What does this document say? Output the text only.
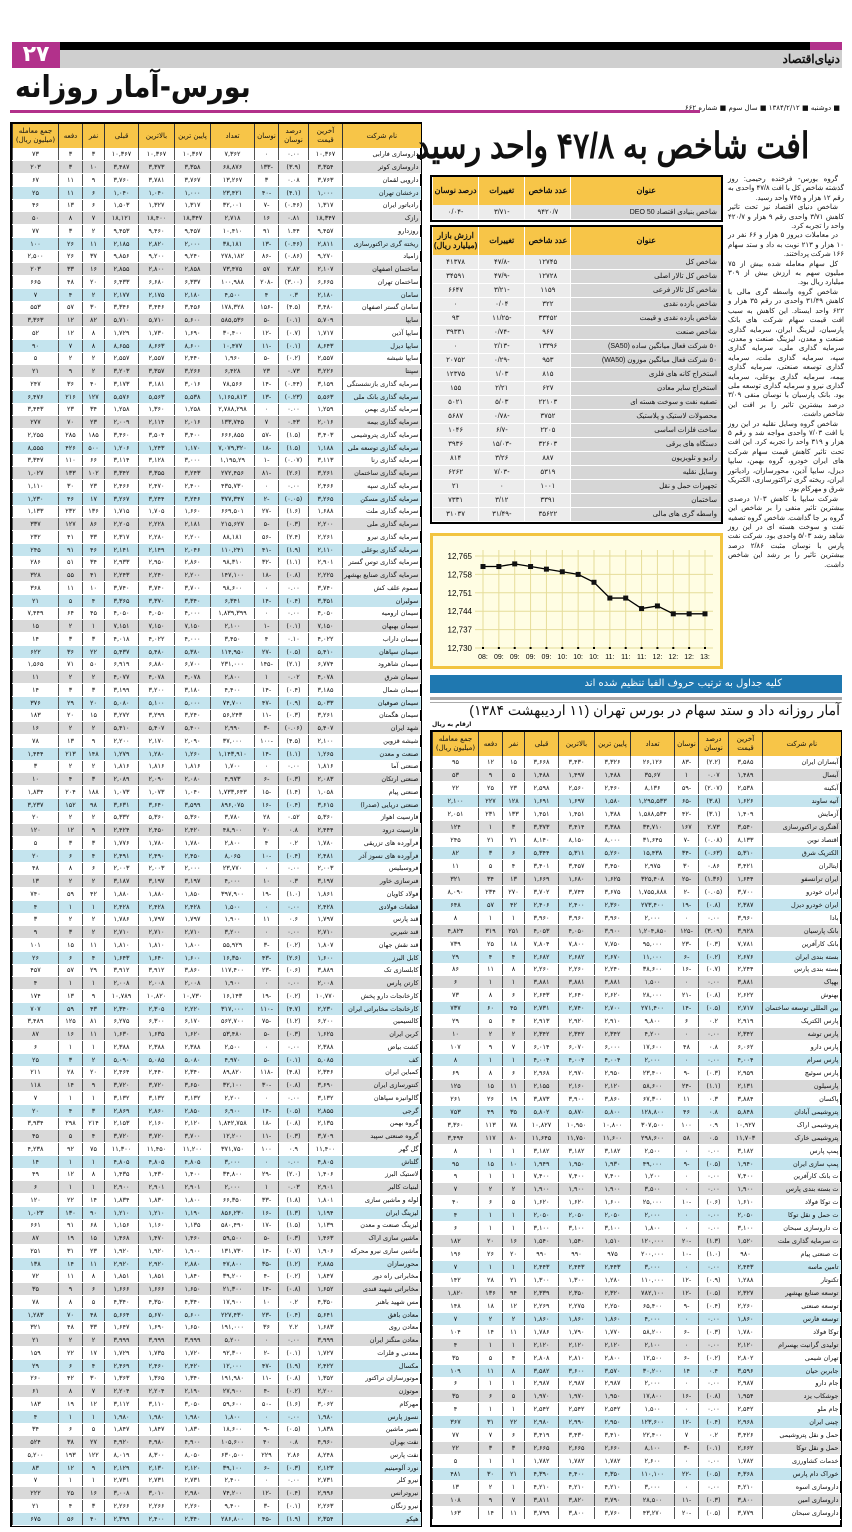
۲۷	دنیای‌اقتصاد
بورس-آمار روزانه
■ دوشنبه ■ ۱۳۸۴/۲/۱۲ ■ سال سوم ■ شماره ۶۶۲
نام شرکت	آخرین قیمت	درصد نوسان	نوسان	تعداد	پایین ترین	بالاترین	قبلی	نفر	دفعه	جمع معامله (میلیون ریال)
داروسازی فارابی	۱۰,۳۶۷	۰.۰۰	۰	۷,۳۶۲	۱۰,۳۶۷	۱۰,۳۶۷	۱۰,۳۶۷	۳	۳	۷۳
داروسازی کوثر	۳,۳۵۴	(۳.۹)	-۱۳۳	۶۸,۸۷۶	۳,۳۵۸	۳,۳۷۳	۳,۴۸۷	۱۰	۳	۲۰۳
دارویی لقمان	۳,۷۶۳	۰.۰۸	۳	۱۳,۲۶۷	۳,۷۶۷	۳,۷۸۱	۳,۷۶۰	۹	۱۱	۶۷
درخشان تهران	۱,۰۰۰	(۴.۱)	-۴۰	۲۳,۴۲۱	۱,۰۰۰	۱,۰۴۰	۱,۰۴۰	۶	۱۱	۲۵
رادیاتور ایران	۱,۳۱۷	(۰.۴۶)	-۷	۳۲,۰۰۱	۱,۳۱۷	۱,۳۲۷	۱,۵۰۳	۶	۱۳	۴۶
رازک	۱۸,۳۴۷	۰.۸۱	۱۶	۲,۷۱۸	۱۸,۳۴۷	۱۸,۴۰۰	۱۸,۱۲۱	۷	۸	۵۰
روزدارو	۹,۴۵۷	۱.۴۴	۹۱	۱۰,۴۱۰	۹,۴۵۷	۹,۴۶۰	۹,۴۵۳	۲	۳	۷۷
ریخته گری تراکتورسازی	۲,۸۱۱	(۰.۴۶)	-۱۳	۳۸,۱۸۱	۲,۰۰۰	۲,۸۲۰	۲,۱۸۵	۱۱	۲۶	۱۰۰
زامیاد	۹,۲۷۰	(۰.۸۶)	-۸۶	۲۷۸,۱۸۲	۹,۲۴۰	۹,۲۰۰	۹,۸۵۶	۳۷	۲۶	۲,۵۰۰
ساختمان اصفهان	۲,۱۰۷	۲.۸۲	۵۷	۷۳,۴۷۵	۲,۸۵۸	۲,۸۰۰	۲,۸۵۵	۱۶	۳۳	۲۰۳
ساختمان تهران	۶,۶۶۵	(۳.۰۰)	-۲۰۸	۱۰۰,۹۸۸	۶,۳۳۷	۶,۶۸۰	۶,۴۳۳	۲۰	۴۸	۶۶۵
سامان	۲,۱۸۰	۰.۳	۴	۴,۵۰۰	۲,۱۸۰	۲,۱۷۵	۲,۱۷۷	۲	۴	۷
سامان گستر اصفهان	۳,۴۸۰	(۴.۵)	-۱۵۶	۱۷۸,۳۲۸	۳,۴۵۶	۳,۴۴۶	۳,۳۴۶	۳۰	۵۷	۵۵۳
سایپا	۵,۷۰۹	(۰.۱)	-۵	۵۸۵,۵۳۶	۵,۶۰۰	۵,۷۱۰	۵,۷۱۰	۸۲	۱۲	۳,۳۶۳
سایپا آذین	۱,۷۱۷	(۰.۷)	-۱۲	۳۰,۴۰۰	۱,۶۹۰	۱,۷۳۰	۱,۷۲۹	۸	۱۲	۵۲
سایپا دیزل	۸,۶۴۳	(۰.۱)	-۱۱	۱۰,۴۷۷	۸,۶۰۰	۸,۶۶۳	۸,۶۵۵	۸	۷	۹۰
سایپا شیشه	۲,۵۵۷	(۰.۲)	-۵	۱,۹۶۰	۲,۴۴۰	۲,۵۵۷	۲,۵۵۷	۲	۲	۵
سپنتا	۳,۲۲۶	۰.۷۳	۲۳	۶,۴۲۸	۳,۲۶۶	۳,۳۵۷	۳,۲۰۳	۲	۹	۲۱
سرمایه گذاری بازنشستگی	۳,۱۵۹	(۰.۴۴)	-۱۴	۷۸,۵۶۶	۳,۰۱۶	۳,۱۸۱	۳,۱۷۳	۴۰	۳۶	۲۴۷
سرمایه گذاری بانک ملی	۵,۵۶۳	(۰.۲۳)	-۱۳	۱,۱۶۵,۸۱۳	۵,۵۳۸	۵,۵۶۳	۵,۵۷۶	۱۲۷	۲۱۶	۶,۴۷۶
سرمایه گذاری بهمن	۱,۲۵۹	۰.۰۰	۰	۲,۷۸۸,۲۹۸	۱,۲۵۸	۱,۳۶۰	۱,۲۵۸	۳۴	۲۳	۳,۴۴۳
سرمایه گذاری بیمه	۲,۰۱۶	۰.۴۳	۷	۱۳۳,۷۴۵	۲,۰۱۶	۲,۱۱۴	۲,۰۰۹	۲۳	۷۰	۲۷۷
سرمایه گذاری پتروشیمی	۳,۴۰۳	(۱.۵)	-۵۷	۶۶۶,۸۵۵	۳,۴۰۰	۳,۵۰۴	۳,۴۶۰	۱۸۵	۲۸۵	۲,۲۵۵
سرمایه گذاری توسعه ملی	۱,۱۸۸	(۱.۵)	-۱۸	۷,۰۷۹,۳۲۰	۱,۱۷۰	۱,۲۴۳	۱,۲۰۶	۵۰۰	۴۲۶	۸,۵۵۵
سرمایه گذاری رنا	۳,۱۱۳	(۰.۰۷)	-۱	۱,۱۹۵,۲۹	۳,۰۰۰	۳,۱۲۸	۳,۱۱۴	۶۶	۱۱۰	۳,۳۴۷
سرمایه گذاری ساختمان	۳,۲۶۱	(۲.۶)	-۸۱	۲۷۲,۴۵۶	۳,۲۴۳	۳,۳۵۵	۳,۳۴۲	۱۰۲	۱۳۳	۱,۰۲۷
سرمایه گذاری سپه	۲,۴۶۶	۰.۰۰	۰	۴۳۵,۷۳۰	۲,۴۰۰	۲,۴۷۰	۲,۴۶۶	۲۳	۳۰	۱,۱۱۰
سرمایه گذاری مسکن	۳,۲۶۵	(۰.۰۵)	-۲	۳۷۷,۳۴۷	۳,۲۴۶	۳,۲۴۴	۳,۲۶۷	۱۷	۴۶	۱,۲۳۰
سرمایه گذاری ملت	۱,۶۸۸	(۱.۶)	-۲۷	۶۶۹,۵۰۱	۱,۶۶۰	۱,۷۰۵	۱,۷۱۵	۱۳۶	۲۳۲	۱,۱۳۳
سرمایه گذاری ملی	۲,۲۰۰	(۰.۳)	-۵	۲۱۵,۶۲۷	۲,۱۸۱	۲,۲۲۸	۲,۲۰۵	۸۶	۱۲۷	۳۳۷
سرمایه گذاری نیرو	۲,۲۶۱	(۲.۴)	-۵۶	۸۸,۱۸۱	۲,۲۰۰	۲,۲۸۰	۲,۳۱۷	۳۳	۴۱	۲۳۲
سرمایه گذاری بوعلی	۲,۱۱۰	(۱.۹)	-۴۱	۱۱۰,۲۴۱	۲,۰۴۶	۲,۱۴۹	۲,۱۴۱	۴۶	۹۱	۲۴۵
سرمایه گذاری توس گستر	۲,۹۰۱	(۱.۱)	-۳۲	۹۸,۳۱۰	۲,۸۶۰	۲,۹۵۰	۲,۹۳۳	۳۴	۵۱	۲۸۶
سرمایه گذاری صنایع بهشهر	۲,۲۲۵	(۰.۸)	-۱۸	۱۴۷,۱۰۰	۲,۲۰۰	۲,۲۴۰	۲,۲۴۳	۴۱	۵۵	۳۲۸
سموم علف کش	۳,۷۴۰	۰.۰۰	۰	۹۸,۶۰۰	۳,۷۰۰	۳,۷۴۰	۳,۷۴۰	۱۰	۱۱	۳۶۸
سولیران	۳,۳۵۱	(۰.۴)	-۱۴	۶,۳۴۱	۳,۳۴۰	۳,۳۷۰	۳,۳۶۵	۴	۵	۲۱
سیمان ارومیه	۴,۰۵۰	۰.۰۰	۰	۱,۸۳۹,۳۹۹	۴,۰۰۰	۴,۰۵۰	۴,۰۵۰	۴۵	۶۴	۷,۴۴۹
سیمان بهبهان	۷,۱۵۰	(۰.۱)	-۱	۲,۱۰۰	۷,۱۵۰	۷,۱۵۰	۷,۱۵۱	۱	۲	۱۵
سیمان داراب	۴,۰۲۲	۰.۱۰	۴	۳,۴۵۰	۴,۰۰۰	۴,۰۲۲	۴,۰۱۸	۳	۳	۱۴
سیمان سپاهان	۵,۴۱۰	(۰.۵)	-۲۷	۱۱۴,۹۵۰	۵,۳۸۰	۵,۴۸۰	۵,۴۳۷	۲۲	۳۶	۶۲۲
سیمان شاهرود	۶,۷۷۴	(۲.۱)	-۱۴۵	۲۳۱,۰۰۰	۶,۷۰۰	۶,۸۸۰	۶,۹۱۹	۵۰	۷۱	۱,۵۶۵
سیمان شرق	۴,۰۷۸	۰.۰۲	۱	۲,۸۰۰	۴,۰۷۸	۴,۰۷۸	۴,۰۷۷	۲	۲	۱۱
سیمان شمال	۳,۱۸۵	(۰.۴)	-۱۴	۴,۴۰۰	۳,۱۸۰	۳,۲۰۰	۳,۱۹۹	۳	۳	۱۴
سیمان صوفیان	۵,۰۳۳	(۰.۹)	-۴۷	۷۴,۷۰۰	۵,۰۰۰	۵,۱۰۰	۵,۰۸۰	۲۰	۲۹	۳۷۶
سیمان هگمتان	۳,۲۶۱	(۰.۳)	-۱۱	۵۶,۲۴۳	۳,۲۴۰	۳,۲۹۹	۳,۲۷۲	۱۵	۲۰	۱۸۳
شهد ایران	۵,۴۰۷	(۰.۰۶)	-۳	۲,۹۹۰	۵,۴۰۰	۵,۴۰۷	۵,۴۱۰	۲	۲	۱۶
شیشه قزوین	۲,۱۰۰	(۴.۵)	-۱۰۰	۳۷,۰۰۰	۲,۰۹۰	۲,۱۷۰	۲,۲۰۰	۹	۱۳	۷۸
صنعت و معدن	۱,۲۶۵	(۱.۱)	-۱۴	۱,۱۴۳,۹۱۰	۱,۲۶۰	۱,۲۸۰	۱,۲۷۹	۱۴۸	۲۱۳	۱,۴۴۴
صنعتی آما	۱,۸۱۶	۰.۰۰	۰	۱,۷۰۰	۱,۸۱۶	۱,۸۱۶	۱,۸۱۶	۲	۲	۳
صنعتی ارتکان	۲,۰۸۳	(۰.۳)	-۶	۴,۹۷۳	۲,۰۸۰	۲,۰۹۰	۲,۰۸۹	۳	۴	۱۰
صنعتی پیام	۱,۰۵۸	(۱.۴)	-۱۵	۱,۷۳۳,۶۴۳	۱,۰۴۰	۱,۰۷۳	۱,۰۷۳	۱۸۸	۲۰۴	۱,۸۳۴
صنعتی دریایی (صدرا)	۳,۶۱۵	(۰.۴)	-۱۶	۸۹۶,۰۷۵	۳,۵۹۹	۳,۶۴۰	۳,۶۳۱	۹۸	۱۵۲	۳,۲۳۷
فارسیت اهواز	۵,۳۶۰	۰.۵۲	۲۸	۳,۷۸۰	۵,۳۶۰	۵,۳۶۰	۵,۳۳۲	۲	۲	۲۰
فارسیت درود	۲,۴۴۴	۰.۸	۲۰	۴۸,۹۰۰	۲,۴۲۰	۲,۴۵۰	۲,۴۲۴	۹	۱۲	۱۲۰
فرآورده های تزریقی	۱,۷۸۰	۰.۲	۴	۲,۸۰۰	۱,۷۸۰	۱,۷۸۰	۱,۷۷۶	۳	۳	۵
فرآورده های نسوز آذر	۲,۴۸۱	(۰.۴)	-۱۰	۸,۰۶۵	۲,۴۵۰	۲,۴۹۰	۲,۴۹۱	۴	۶	۲۰
فروسیلیس	۲,۰۰۳	۰.۰۰	۰	۲۳,۷۷۰	۲,۰۰۰	۲,۰۰۳	۲,۰۰۳	۶	۸	۴۸
فنرسازی خاور	۳,۱۹۷	۰.۳	۱۰	۴,۰۰۰	۳,۱۹۷	۳,۱۹۷	۳,۱۸۷	۲	۲	۱۳
فولاد کاویان	۱,۸۶۱	(۱.۰)	-۱۹	۳۹۷,۹۰۰	۱,۸۵۰	۱,۸۸۰	۱,۸۸۰	۴۲	۵۹	۷۴۰
قطعات فولادی	۲,۴۲۸	۰.۰۰	۰	۱,۵۰۰	۲,۴۲۸	۲,۴۲۸	۲,۴۲۸	۱	۱	۴
قند پارس	۱,۷۹۷	۰.۶	۱۱	۱,۹۰۰	۱,۷۹۷	۱,۷۹۷	۱,۷۸۶	۲	۲	۳
قند شیرین	۲,۷۱۰	۰.۰۰	۰	۳,۲۰۰	۲,۷۱۰	۲,۷۱۰	۲,۷۱۰	۲	۳	۹
قند نقش جهان	۱,۸۰۷	(۰.۲)	-۳	۵۵,۹۲۹	۱,۸۰۰	۱,۸۱۰	۱,۸۱۰	۱۱	۱۵	۱۰۱
کابل البرز	۱,۶۰۰	(۲.۶)	-۴۳	۱۶,۳۵۰	۱,۶۰۰	۱,۶۴۰	۱,۶۴۳	۴	۶	۲۶
کابلسازی تک	۳,۸۸۹	(۰.۶)	-۲۳	۱۱۷,۴۰۰	۳,۸۶۰	۳,۹۱۲	۳,۹۱۲	۲۹	۵۷	۴۵۷
کارتن پارس	۲,۰۰۸	۰.۰۰	۰	۱,۹۰۰	۲,۰۰۸	۲,۰۰۸	۲,۰۰۸	۱	۱	۴
کارخانجات دارو پخش	۱۰,۷۷۰	(۰.۲)	-۱۹	۱۶,۱۴۳	۱۰,۷۳۰	۱۰,۸۲۰	۱۰,۷۸۹	۹	۱۳	۱۷۴
کارخانجات مخابراتی ایران	۲,۲۳۰	(۴.۷)	-۱۱۰	۳۱۷,۰۰۰	۲,۲۲۰	۲,۳۰۵	۲,۳۴۰	۴۳	۵۹	۷۰۷
کالسیمین	۶,۲۰۰	(۱.۲)	-۷۵	۵۶۲,۷۰۰	۶,۱۷۰	۶,۳۰۰	۶,۲۷۵	۸۱	۱۲۵	۳,۴۸۹
کربن ایران	۱,۶۲۵	(۰.۳)	-۵	۵۳,۴۸۰	۱,۶۲۰	۱,۶۳۵	۱,۶۳۰	۱۱	۱۶	۸۷
کشت بیاض	۲,۳۸۸	۰.۰۰	۰	۲,۵۰۰	۲,۳۸۸	۲,۳۸۸	۲,۳۸۸	۱	۱	۶
کف	۵,۰۸۵	(۰.۱)	-۵	۴,۹۷۰	۵,۰۸۰	۵,۰۸۵	۵,۰۹۰	۲	۳	۲۵
کمباین ایران	۲,۳۴۶	(۴.۸)	-۱۱۸	۸۹,۸۲۰	۲,۳۴۰	۲,۴۴۰	۲,۴۶۴	۲۰	۲۸	۲۱۱
کنتورسازی ایران	۳,۶۹۰	(۰.۸)	-۳۰	۳۲,۱۰۰	۳,۶۵۰	۳,۷۲۰	۳,۷۲۰	۹	۱۴	۱۱۸
گالوانیزه سپاهان	۳,۱۳۲	۰.۰۰	۰	۲,۲۰۰	۳,۱۳۲	۳,۱۳۲	۳,۱۳۲	۱	۱	۷
گرجی	۲,۸۵۵	(۰.۵)	-۱۴	۶,۹۰۰	۲,۸۵۰	۲,۸۶۰	۲,۸۶۹	۳	۴	۲۰
گروه بهمن	۲,۱۳۵	(۰.۸)	-۱۸	۱,۸۴۲,۷۵۸	۲,۱۲۰	۲,۱۶۰	۲,۱۵۳	۲۱۴	۲۹۸	۳,۹۳۴
گروه صنعتی سپید	۳,۷۰۹	(۰.۳)	-۱۱	۱۲,۲۰۰	۳,۷۰۰	۳,۷۲۰	۳,۷۲۰	۴	۵	۴۵
گل گهر	۱۱,۴۰۰	۰.۹	۱۰۰	۳۷۱,۷۵۰	۱۱,۲۰۰	۱۱,۴۵۰	۱۱,۳۰۰	۷۵	۹۲	۴,۲۳۸
گلتاش	۴,۸۰۵	۰.۰۰	۰	۳,۰۰۰	۴,۸۰۵	۴,۸۰۵	۴,۸۰۵	۱	۱	۱۴
لاستیک البرز	۱,۴۰۶	(۲.۰)	-۲۹	۳۴,۸۰۰	۱,۴۰۰	۱,۴۳۰	۱,۴۳۵	۸	۱۲	۴۹
لبنیات کالبر	۲,۹۰۱	۰.۰۳	۱	۲,۰۰۰	۲,۹۰۱	۲,۹۰۱	۲,۹۰۰	۱	۱	۶
لوله و ماشین سازی	۱,۸۰۱	(۱.۸)	-۳۳	۶۶,۳۵۰	۱,۸۰۰	۱,۸۳۰	۱,۸۳۴	۱۴	۲۲	۱۲۰
لیزینگ ایران	۱,۱۹۴	(۱.۳)	-۱۶	۸۵۶,۲۳۰	۱,۱۹۰	۱,۲۱۰	۱,۲۱۰	۹۰	۱۳۰	۱,۰۲۳
لیزینگ صنعت و معدن	۱,۱۳۹	(۱.۵)	-۱۷	۵۸۰,۴۹۰	۱,۱۳۵	۱,۱۶۰	۱,۱۵۶	۶۸	۹۱	۶۶۱
ماشین سازی اراک	۱,۴۶۳	(۰.۳)	-۵	۵۹,۵۰۰	۱,۴۶۰	۱,۴۷۰	۱,۴۶۸	۱۵	۱۹	۸۷
ماشین سازی نیرو محرکه	۱,۹۰۶	(۰.۷)	-۱۴	۱۳۱,۷۳۰	۱,۹۰۰	۱,۹۲۰	۱,۹۲۰	۲۳	۳۱	۲۵۱
محورسازان	۲,۸۸۵	(۱.۲)	-۳۵	۴۷,۸۰۰	۲,۸۸۰	۲,۹۲۰	۲,۹۲۰	۱۱	۱۴	۱۳۸
مخابراتی راه دور	۱,۸۴۷	(۰.۲)	-۴	۳۹,۲۰۰	۱,۸۴۰	۱,۸۵۱	۱,۸۵۱	۸	۱۱	۷۲
مخابراتی شهید قندی	۱,۶۵۲	(۰.۸)	-۱۴	۲۱,۳۰۰	۱,۶۵۰	۱,۶۶۶	۱,۶۶۶	۶	۹	۳۵
مس شهید باهنر	۴,۳۵۰	۰.۲	۱۰	۱۷,۹۰۰	۴,۳۴۰	۴,۳۵۰	۴,۳۴۰	۵	۸	۷۸
معادن بافق	۵,۶۴۱	(۰.۴)	-۲۳	۲۲۷,۴۳۰	۵,۶۰۰	۵,۶۷۰	۵,۶۶۴	۴۸	۷۰	۱,۲۸۳
معادن روی	۱,۶۸۳	۲.۲	۳۶	۱۹۱,۰۰۰	۱,۶۵۰	۱,۶۹۰	۱,۶۴۷	۳۳	۴۸	۳۲۱
معادن منگنز ایران	۳,۹۹۹	۰.۰۰	۰	۵,۲۰۰	۳,۹۹۹	۳,۹۹۹	۳,۹۹۹	۲	۲	۲۱
معدنی و فلزات	۱,۷۲۷	(۰.۱)	-۲	۹۲,۳۰۰	۱,۷۲۰	۱,۷۳۵	۱,۷۲۹	۱۷	۲۲	۱۵۹
مکسال	۲,۴۲۲	(۱.۹)	-۴۷	۱۲,۰۰۰	۲,۴۲۰	۲,۴۶۰	۲,۴۶۹	۴	۶	۲۹
موتورسازان تراکتور	۱,۳۵۲	(۰.۸)	-۱۱	۱۹۱,۹۸۰	۱,۳۴۰	۱,۳۶۵	۱,۳۶۳	۳۰	۴۲	۲۶۰
موتوژن	۲,۲۰۰	(۰.۲)	-۴	۲۷,۹۰۰	۲,۱۹۰	۲,۲۰۴	۲,۲۰۴	۷	۸	۶۱
مهرکام	۳,۰۶۲	(۱.۶)	-۵۰	۵۹,۶۰۰	۳,۰۵۰	۳,۱۱۰	۳,۱۱۲	۱۲	۱۹	۱۸۳
نسوز پارس	۱,۹۸۰	۰.۰۰	۰	۱,۸۰۰	۱,۹۸۰	۱,۹۸۰	۱,۹۸۰	۱	۱	۴
نصیر ماشین	۱,۸۳۸	(۰.۵)	-۹	۱۸,۶۰۰	۱,۸۳۰	۱,۸۴۷	۱,۸۴۷	۵	۶	۳۴
نفت بهران	۴,۹۶۰	۰.۸	۴۰	۱۰۵,۶۰۰	۴,۹۰۰	۴,۹۸۰	۴,۹۲۰	۲۷	۳۸	۵۲۴
نفت پارس	۸,۲۴۸	۲.۸۶	۲۲۹	۶۳۰,۵۰۰	۸,۰۵۰	۸,۳۰۰	۸,۰۱۹	۱۲۲	۱۹۳	۵,۲۰۰
نورد آلومینیم	۲,۱۲۳	(۰.۳)	-۶	۳۹,۱۰۰	۲,۱۲۰	۲,۱۳۰	۲,۱۲۹	۹	۱۲	۸۳
نیرو کلر	۲,۷۳۱	۰.۰۰	۰	۲,۴۰۰	۲,۷۳۱	۲,۷۳۱	۲,۷۳۱	۱	۱	۷
نیروترانس	۲,۹۹۶	(۰.۴)	-۱۲	۷۴,۲۰۰	۲,۹۸۰	۳,۰۱۰	۳,۰۰۸	۱۶	۲۵	۲۲۲
نیرو زنگان	۲,۲۶۳	(۰.۱)	-۳	۹,۴۰۰	۲,۲۶۰	۲,۲۶۶	۲,۲۶۶	۳	۴	۲۱
هپکو	۲,۳۵۴	(۱.۹)	-۴۵	۲۸۶,۸۰۰	۲,۳۴۰	۲,۴۰۰	۲,۳۹۹	۴۰	۵۶	۶۷۵
افت شاخص به ۴۷/۸ واحد رسید
عنوان	عدد شاخص	تغییرات	درصد نوسان
شاخص بنیادی اقتصاد DEO 50	۹۴۲۰/۷	-۳/۷۱	-۰/۰۴
عنوان	عدد شاخص	تغییرات	ارزش بازار (میلیارد ریال)
شاخص کل	۱۲۷۴۵	-۴۷/۸	۴۱۳۷۸
شاخص کل تالار اصلی	۱۲۷۲۸	-۴۷/۹	۳۴۵۹۱
شاخص کل تالار فرعی	۱۱۵۹	-۳/۲۱	۶۶۴۷
شاخص بازده نقدی	۳۲۲	۰/۰۴	۰
شاخص بازده نقدی و قیمت	۳۳۴۵۲	-۱۱/۲۵	۹۳
شاخص صنعت	۹۶۷	-۰/۷۴	۳۹۳۳۱
۵۰ شرکت فعال میانگین ساده (SA50)	۱۳۳۹۶	-۲/۱۳	۰
۵۰ شرکت فعال میانگین موزون (WA50)	۹۵۳	-۰/۲۹	۲۰۷۵۲
استخراج کانه های فلزی	۸۱۵	۱/۰۳	۱۲۳۷۵
استخراج سایر معادن	۶۲۷	۲/۲۱	۱۵۵
تصفیه نفت و سوخت هسته ای	۲۲۱۰۳	۵/۰۳	۵۰۲۱
محصولات لاستیک و پلاستیک	۳۷۵۲	-۰/۷۸	۵۶۸۷
ساخت فلزات اساسی	۲۲۰۵	-۶/۷	۱۰۴۶
دستگاه های برقی	۳۲۶۰۳	-۱۵/۰۳	۳۹۳۶
رادیو و تلویزیون	۸۸۷	۳/۲۶	۸۱۴
وسایل نقلیه	۵۳۱۹	-۷/۰۳	۶۲۶۲
تجهیزات حمل و نقل	۱۰۰۱	۰	۲۱
ساختمان	۳۳۹۱	۳/۱۲	۷۳۳۱
واسطه گری های مالی	۳۵۶۲۲	-۳۱/۴۹	۳۱۰۳۷
12,730
12,737
12,744
12,751
12,758
12,765
08: 09: 09: 09: 09: 10: 10: 10: 11: 11: 11: 12: 12: 12: 13:

گروه بورس- فرخنده رحیمی: روز گذشته شاخص کل با افت ۴۷/۸ واحدی به رقم ۱۲ هزار و ۷۴۵ واحد رسید.

شاخص دنیای اقتصاد نیز تحت تاثیر کاهش ۳/۷۱ واحدی رقم ۹ هزار و ۴۲۰/۷ واحد را تجربه کرد.

در معاملات دیروز ۵ هزار و ۶۶ نفر در ۱۰ هزار و ۲۱۳ نوبت به داد و ستد سهام ۱۶۶ شرکت پرداختند.

کل سهام معامله شده بیش از ۷۵ میلیون سهم به ارزش بیش از ۳۰۹ میلیارد ریال بود.

شاخص گروه واسطه گری مالی با کاهش ۳۱/۴۹ واحدی در رقم ۳۵ هزار و ۶۲۲ واحد ایستاد. این کاهش به سبب افت قیمت سهام شرکت های بانک پارسیان، لیزینگ ایران، سرمایه گذاری صنعت و معدن، لیزینگ صنعت و معدن، سرمایه گذاری ملی، سرمایه گذاری سپه، سرمایه گذاری ملت، سرمایه گذاری توسعه صنعتی، سرمایه گذاری بیمه، سرمایه گذاری بوعلی، سرمایه گذاری نیرو و سرمایه گذاری توسعه ملی بود. بانک پارسیان با نوسان منفی ۳/۰۹ درصد بیشترین تاثیر را بر افت این شاخص داشت.

شاخص گروه وسایل نقلیه در این روز با افت ۷/۰۳ واحدی مواجه شد و رقم ۵ هزار و ۳۱۹ واحد را تجربه کرد. این افت تحت تاثیر کاهش قیمت سهام شرکت های ایران خودرو، گروه بهمن، سایپا دیزل، سایپا آذین، محورسازان، رادیاتور ایران، ریخته گری تراکتورسازی، الکتریک شرق و مهرکام بود.

شرکت سایپا با کاهش ۱/۰۳ درصدی بیشترین تاثیر منفی را بر شاخص این گروه بر جا گذاشت. شاخص گروه تصفیه نفت و سوخت هسته ای در این روز شاهد رشد ۵/۰۳ واحدی بود. شرکت نفت پارس با نوسان مثبت ۲/۸۶ درصد بیشترین تاثیر را بر رشد این شاخص داشت.

کلیه جداول به ترتیب حروف الفبا تنظیم شده اند
آمار روزانه داد و ستد سهام در بورس تهران (۱۱ اردیبهشت ۱۳۸۴)
ارقام به ریال
نام شرکت	آخرین قیمت	درصد نوسان	نوسان	تعداد	پایین ترین	بالاترین	قبلی	نفر	دفعه	جمع معامله (میلیون ریال)
آبسازان ایران	۳,۵۸۵	(۲.۲)	-۸۳	۲۶,۱۲۶	۳,۳۲۶	۳,۴۳۰	۳,۶۶۸	۱۵	۱۲	۹۵
آبسال	۱,۴۸۹	۰.۰۷	۱	۳۵,۶۷	۱,۴۸۸	۱,۴۹۷	۱,۴۸۸	۵	۹	۵۳
آبکینه	۲,۵۳۸	(۲.۰۷)	-۵۹	۸,۱۳۶	۲,۴۶۰	۲,۵۶۰	۲,۵۹۸	۲۳	۲۵	۲۲
آتیه ساوند	۱,۶۲۶	(۳.۸)	-۶۵	۱,۲۹۵,۵۳۳	۱,۵۸۰	۱,۶۹۷	۱,۶۹۱	۱۲۸	۲۲۷	۲,۱۰۰
آزمایش	۱,۴۰۹	(۳.۱)	-۴۲	۱,۵۸۸,۵۳۴	۱,۳۸۸	۱,۴۵۱	۱,۴۵۱	۱۳۳	۲۳۱	۲,۰۵۱
آهنگری تراکتورسازی	۳,۵۴۰	۲.۷۳	۱۶۷	۳۴,۷۱۰	۳,۳۸۸	۳,۴۱۴	۳,۳۷۳	۳	۱	۱۲۴
اقتصاد نوین	۸,۱۳۳	(۰.۰۸)	-۷	۳۱,۶۴۵	۸,۰۰۰	۸,۱۵۰	۸,۱۴۰	۲۱	۲۱	۲۴۵
الکتریک شرق	۵,۳۱۰	(۰.۶۳)	-۳۴	۱۵,۴۳۸	۵,۲۶۰	۵,۳۱۱	۵,۳۴۴	۶	۳	۸۲
ایتالران	۳,۴۲۱	۰.۸۶	۳۰	۲,۹۷۵	۳,۴۵۰	۳,۴۵۷	۳,۴۰۱	۴	۵	۱۱
ایران ترانسفو	۱,۶۴۴	(۱.۳۶)	-۲۵	۳۲۵,۴۰۸	۱,۶۲۵	۱,۶۸۰	۱,۶۶۹	۱۳	۳۴	۳۲۱
ایران خودرو	۳,۷۰۰	(۰.۰۵)	-۲	۱,۷۵۵,۸۸۸	۳,۶۷۵	۳,۷۴۴	۳,۷۰۲	۲۷۰	۲۳۴	۸,۰۹۰
ایران خودرو دیزل	۲,۳۸۷	(۰.۸)	-۱۹	۲۷۳,۴۰۰	۲,۳۶۰	۲,۴۰۰	۲,۴۰۶	۴۲	۵۷	۶۴۸
بادا	۳,۹۶۰	۰.۰۰	۰	۲,۰۰۰	۳,۹۶۰	۳,۹۶۰	۳,۹۶۰	۱	۱	۸
بانک پارسیان	۳,۹۲۸	(۳.۰۹)	-۱۲۵	۱,۲۰۴,۸۵۰	۳,۹۰۰	۴,۰۵۰	۴,۰۵۳	۲۵۱	۳۱۹	۴,۸۲۴
بانک کارآفرین	۷,۷۸۱	(۰.۳)	-۲۳	۹۵,۰۰۰	۷,۷۵۰	۷,۸۰۰	۷,۸۰۴	۱۸	۲۵	۷۳۹
بسته بندی ایران	۲,۶۷۶	(۰.۲)	-۶	۱۱,۰۰۰	۲,۶۷۰	۲,۶۸۲	۲,۶۸۲	۴	۴	۲۹
بسته بندی پارس	۲,۲۴۴	(۰.۷)	-۱۶	۳۸,۶۰۰	۲,۲۴۰	۲,۲۶۰	۲,۲۶۰	۸	۱۱	۸۶
بهپاک	۳,۸۸۱	۰.۰۰	۰	۱,۵۰۰	۳,۸۸۱	۳,۸۸۱	۳,۸۸۱	۱	۱	۶
بهنوش	۲,۶۲۲	(۰.۸)	-۲۱	۲۸,۰۰۰	۲,۶۲۰	۲,۶۴۰	۲,۶۴۳	۶	۸	۷۳
بین المللی توسعه ساختمان	۲,۷۱۷	(۰.۵)	-۱۴	۲۷۱,۴۰۰	۲,۷۰۰	۲,۷۴۰	۲,۷۳۱	۴۵	۶۰	۷۳۷
پارس الکتریک	۲,۹۱۹	۰.۲	۶	۹,۸۰۰	۲,۹۱۰	۲,۹۲۰	۲,۹۱۳	۴	۵	۲۹
پارس توشه	۲,۳۴۲	۰.۰۰	۰	۴,۲۰۰	۲,۳۴۲	۲,۳۴۲	۲,۳۴۲	۲	۲	۱۰
پارس دارو	۶,۰۶۲	۰.۸	۴۸	۱۷,۶۰۰	۶,۰۰۰	۶,۰۷۰	۶,۰۱۴	۷	۹	۱۰۷
پارس سرام	۴,۰۰۴	۰.۰۰	۰	۲,۰۰۰	۴,۰۰۴	۴,۰۰۴	۴,۰۰۴	۱	۱	۸
پارس سوئیچ	۲,۹۵۹	(۰.۳)	-۹	۲۳,۴۰۰	۲,۹۵۰	۲,۹۷۰	۲,۹۶۸	۶	۸	۶۹
پارسیلون	۲,۱۳۱	(۱.۱)	-۲۴	۵۸,۶۰۰	۲,۱۲۰	۲,۱۶۰	۲,۱۵۵	۱۱	۱۵	۱۲۵
پاکسان	۳,۸۸۴	۰.۳	۱۱	۶۷,۳۰۰	۳,۸۶۰	۳,۹۰۰	۳,۸۷۳	۱۹	۲۶	۲۶۱
پتروشیمی آبادان	۵,۸۴۸	۰.۸	۴۶	۱۲۸,۸۰۰	۵,۸۰۰	۵,۸۷۰	۵,۸۰۲	۳۵	۴۹	۷۵۳
پتروشیمی اراک	۱۰,۹۲۷	۰.۹	۱۰۰	۳۰۷,۵۰۰	۱۰,۸۰۰	۱۰,۹۵۰	۱۰,۸۲۷	۷۸	۱۱۳	۳,۳۶۰
پتروشیمی خارک	۱۱,۷۰۳	۰.۵	۵۸	۲۹۸,۶۰۰	۱۱,۶۰۰	۱۱,۷۵۰	۱۱,۶۴۵	۸۰	۱۱۷	۳,۴۹۴
پمپ پارس	۳,۱۸۲	۰.۰۰	۰	۲,۵۰۰	۳,۱۸۲	۳,۱۸۲	۳,۱۸۲	۱	۱	۸
پمپ سازی ایران	۱,۹۴۰	(۰.۵)	-۹	۴۹,۰۰۰	۱,۹۳۰	۱,۹۵۰	۱,۹۴۹	۱۰	۱۵	۹۵
ت بانک کارآفرین	۷,۴۰۰	۰.۰۰	۰	۱,۲۰۰	۷,۴۰۰	۷,۴۰۰	۷,۴۰۰	۱	۱	۹
ت بسته بندی پارس	۱,۹۰۰	۰.۰۰	۰	۳,۵۰۰	۱,۹۰۰	۱,۹۰۰	۱,۹۰۰	۲	۲	۷
ت توکا فولاد	۱,۶۱۰	(۰.۶)	-۱۰	۲۵,۰۰۰	۱,۶۰۰	۱,۶۲۰	۱,۶۲۰	۵	۶	۴۰
ت حمل و نقل توکا	۲,۰۵۰	۰.۰۰	۰	۲,۰۰۰	۲,۰۵۰	۲,۰۵۰	۲,۰۵۰	۱	۱	۴
ت داروسازی سبحان	۳,۱۰۰	۰.۰۰	۰	۱,۸۰۰	۳,۱۰۰	۳,۱۰۰	۳,۱۰۰	۱	۱	۶
ت سرمایه گذاری ملت	۱,۵۲۰	(۱.۳)	-۲۰	۱۲۰,۰۰۰	۱,۵۱۰	۱,۵۴۰	۱,۵۴۰	۱۶	۲۰	۱۸۲
ت صنعتی پیام	۹۸۰	(۱.۰)	-۱۰	۲۰۰,۰۰۰	۹۷۵	۹۹۰	۹۹۰	۲۰	۲۶	۱۹۶
تامین ماسه	۲,۴۴۳	۰.۰۰	۰	۳,۰۰۰	۲,۴۴۳	۲,۴۴۳	۲,۴۴۳	۱	۱	۷
تکنوتار	۱,۲۸۸	(۰.۹)	-۱۲	۱۱۰,۰۰۰	۱,۲۸۰	۱,۳۰۰	۱,۳۰۰	۲۱	۲۸	۱۴۲
توسعه صنایع بهشهر	۲,۳۲۷	(۰.۵)	-۱۲	۷۸۲,۱۰۰	۲,۳۲۰	۲,۳۵۰	۲,۳۳۹	۹۴	۱۳۶	۱,۸۲۰
توسعه صنعتی	۲,۲۶۰	(۰.۴)	-۹	۶۵,۴۰۰	۲,۲۵۰	۲,۲۷۵	۲,۲۶۹	۱۲	۱۸	۱۴۸
توسعه فارس	۱,۸۶۰	۰.۰۰	۰	۴,۰۰۰	۱,۸۶۰	۱,۸۶۰	۱,۸۶۰	۲	۲	۷
توکا فولاد	۱,۷۸۰	(۰.۳)	-۶	۵۸,۲۰۰	۱,۷۷۰	۱,۷۹۰	۱,۷۸۶	۱۱	۱۴	۱۰۴
تولیدی گرانیت بهسرام	۲,۱۲۰	۰.۰۰	۰	۲,۱۰۰	۲,۱۲۰	۲,۱۲۰	۲,۱۲۰	۱	۱	۴
تهران شیمی	۲,۸۰۲	(۰.۲)	-۶	۱۲,۵۰۰	۲,۸۰۰	۲,۸۱۰	۲,۸۰۸	۴	۵	۳۵
جابربن حیان	۳,۵۹۶	۰.۴	۱۴	۳۰,۲۰۰	۳,۵۷۰	۳,۶۰۰	۳,۵۸۲	۸	۱۱	۱۰۹
جام دارو	۲,۹۸۷	۰.۰۰	۰	۲,۰۰۰	۲,۹۸۷	۲,۹۸۷	۲,۹۸۷	۱	۱	۶
جوشکاب یزد	۱,۹۵۴	(۰.۸)	-۱۶	۱۷,۸۰۰	۱,۹۵۰	۱,۹۷۰	۱,۹۷۰	۵	۶	۳۵
جام ملو	۲,۵۴۲	۰.۰۰	۰	۱,۵۰۰	۲,۵۴۲	۲,۵۴۲	۲,۵۴۲	۱	۱	۴
چینی ایران	۲,۹۶۸	(۰.۴)	-۱۲	۱۲۳,۶۰۰	۲,۹۵۰	۲,۹۹۰	۲,۹۸۰	۲۲	۳۱	۳۶۷
حمل و نقل پتروشیمی	۳,۴۲۶	۰.۲	۷	۲۲,۴۰۰	۳,۴۱۰	۳,۴۳۰	۳,۴۱۹	۶	۷	۷۷
حمل و نقل توکا	۲,۶۶۲	(۰.۱)	-۳	۸,۱۰۰	۲,۶۶۰	۲,۶۶۵	۲,۶۶۵	۳	۳	۲۲
خدمات کشاورزی	۱,۷۸۲	۰.۰۰	۰	۲,۶۰۰	۱,۷۸۲	۱,۷۸۲	۱,۷۸۲	۱	۱	۵
خوراک دام پارس	۴,۳۶۸	(۰.۵)	-۲۲	۱۱۰,۱۰۰	۴,۳۵۰	۴,۴۰۰	۴,۳۹۰	۲۱	۳۰	۴۸۱
داروسازی اسوه	۴,۲۱۰	۰.۰۰	۰	۳,۰۰۰	۴,۲۱۰	۴,۲۱۰	۴,۲۱۰	۱	۲	۱۳
داروسازی امین	۳,۸۰۰	(۰.۳)	-۱۱	۲۸,۵۰۰	۳,۷۹۰	۳,۸۲۰	۳,۸۱۱	۷	۹	۱۰۸
داروسازی سبحان	۳,۷۷۹	(۰.۵)	-۲۰	۴۳,۲۷۰	۳,۷۶۰	۳,۸۰۰	۳,۷۹۹	۱۱	۱۴	۱۶۳
